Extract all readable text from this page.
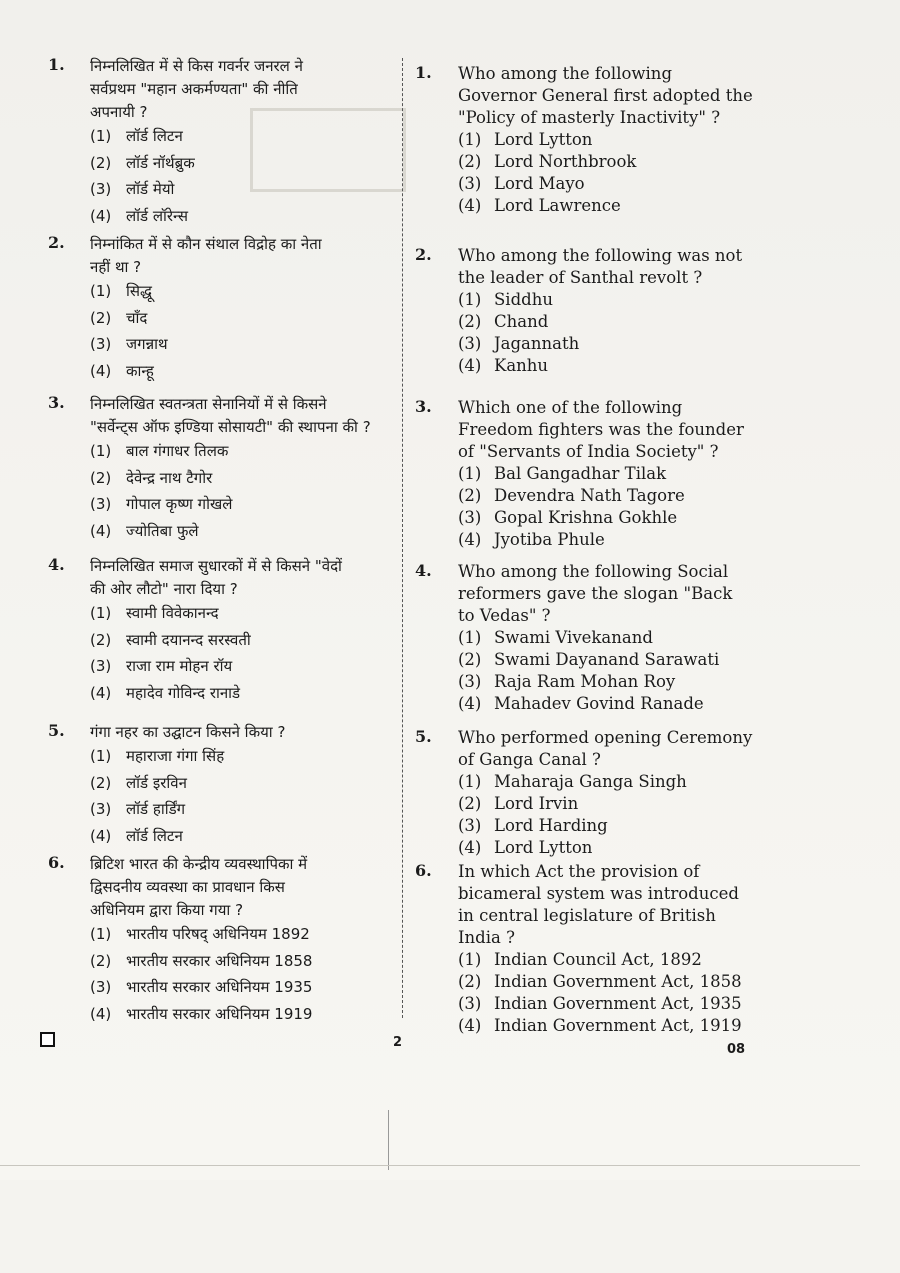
1.	निम्नलिखित में से किस गवर्नर जनरल ने
सर्वप्रथम "महान अकर्मण्यता" की नीति
अपनायी ?
(1) लॉर्ड लिटन
(2) लॉर्ड नॉर्थब्रुक
(3) लॉर्ड मेयो
(4) लॉर्ड लॉरेन्स
2.	निम्नांकित में से कौन संथाल विद्रोह का नेता
नहीं था ?
(1) सिद्धू
(2) चाँद
(3) जगन्नाथ
(4) कान्हू
3.	निम्नलिखित स्वतन्त्रता सेनानियों में से किसने
"सर्वेन्ट्स ऑफ इण्डिया सोसायटी" की स्थापना की ?
(1) बाल गंगाधर तिलक
(2) देवेन्द्र नाथ टैगोर
(3) गोपाल कृष्ण गोखले
(4) ज्योतिबा फुले
4.	निम्नलिखित समाज सुधारकों में से किसने "वेदों
की ओर लौटो" नारा दिया ?
(1) स्वामी विवेकानन्द
(2) स्वामी दयानन्द सरस्वती
(3) राजा राम मोहन रॉय
(4) महादेव गोविन्द रानाडे
5.	गंगा नहर का उद्घाटन किसने किया ?
(1) महाराजा गंगा सिंह
(2) लॉर्ड इरविन
(3) लॉर्ड हार्डिंग
(4) लॉर्ड लिटन
6.	ब्रिटिश भारत की केन्द्रीय व्यवस्थापिका में
द्विसदनीय व्यवस्था का प्रावधान किस
अधिनियम द्वारा किया गया ?
(1) भारतीय परिषद् अधिनियम 1892
(2) भारतीय सरकार अधिनियम 1858
(3) भारतीय सरकार अधिनियम 1935
(4) भारतीय सरकार अधिनियम 1919
1.	Who among the following
Governor General first adopted the
"Policy of masterly Inactivity" ?
(1) Lord Lytton
(2) Lord Northbrook
(3) Lord Mayo
(4) Lord Lawrence
2.	Who among the following was not
the leader of Santhal revolt ?
(1) Siddhu
(2) Chand
(3) Jagannath
(4) Kanhu
3.	Which one of the following
Freedom fighters was the founder
of "Servants of India Society" ?
(1) Bal Gangadhar Tilak
(2) Devendra Nath Tagore
(3) Gopal Krishna Gokhle
(4) Jyotiba Phule
4.	Who among the following Social
reformers gave the slogan "Back
to Vedas" ?
(1) Swami Vivekanand
(2) Swami Dayanand Sarawati
(3) Raja Ram Mohan Roy
(4) Mahadev Govind Ranade
5.	Who performed opening Ceremony
of Ganga Canal ?
(1) Maharaja Ganga Singh
(2) Lord Irvin
(3) Lord Harding
(4) Lord Lytton
6.	In which Act the provision of
bicameral system was introduced
in central legislature of British
India ?
(1) Indian Council Act, 1892
(2) Indian Government Act, 1858
(3) Indian Government Act, 1935
(4) Indian Government Act, 1919
2	08
